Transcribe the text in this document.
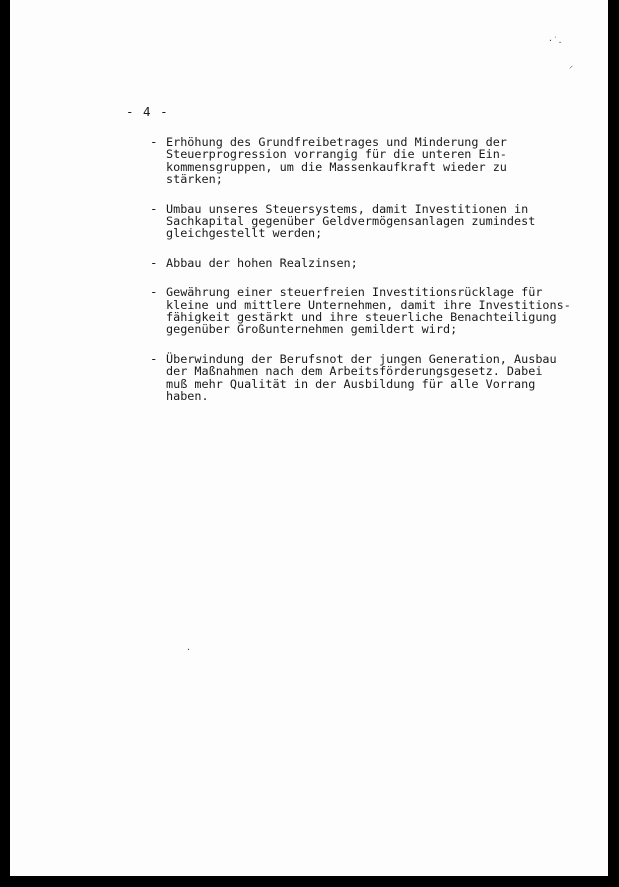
·˙.
⸝
·
- 4 -
- Erhöhung des Grundfreibetrages und Minderung der
Steuerprogression vorrangig für die unteren Ein-
kommensgruppen, um die Massenkaufkraft wieder zu
stärken;
- Umbau unseres Steuersystems, damit Investitionen in
Sachkapital gegenüber Geldvermögensanlagen zumindest
gleichgestellt werden;
- Abbau der hohen Realzinsen;
- Gewährung einer steuerfreien Investitionsrücklage für
kleine und mittlere Unternehmen, damit ihre Investitions-
fähigkeit gestärkt und ihre steuerliche Benachteiligung
gegenüber Großunternehmen gemildert wird;
- Überwindung der Berufsnot der jungen Generation, Ausbau
der Maßnahmen nach dem Arbeitsförderungsgesetz. Dabei
muß mehr Qualität in der Ausbildung für alle Vorrang
haben.
